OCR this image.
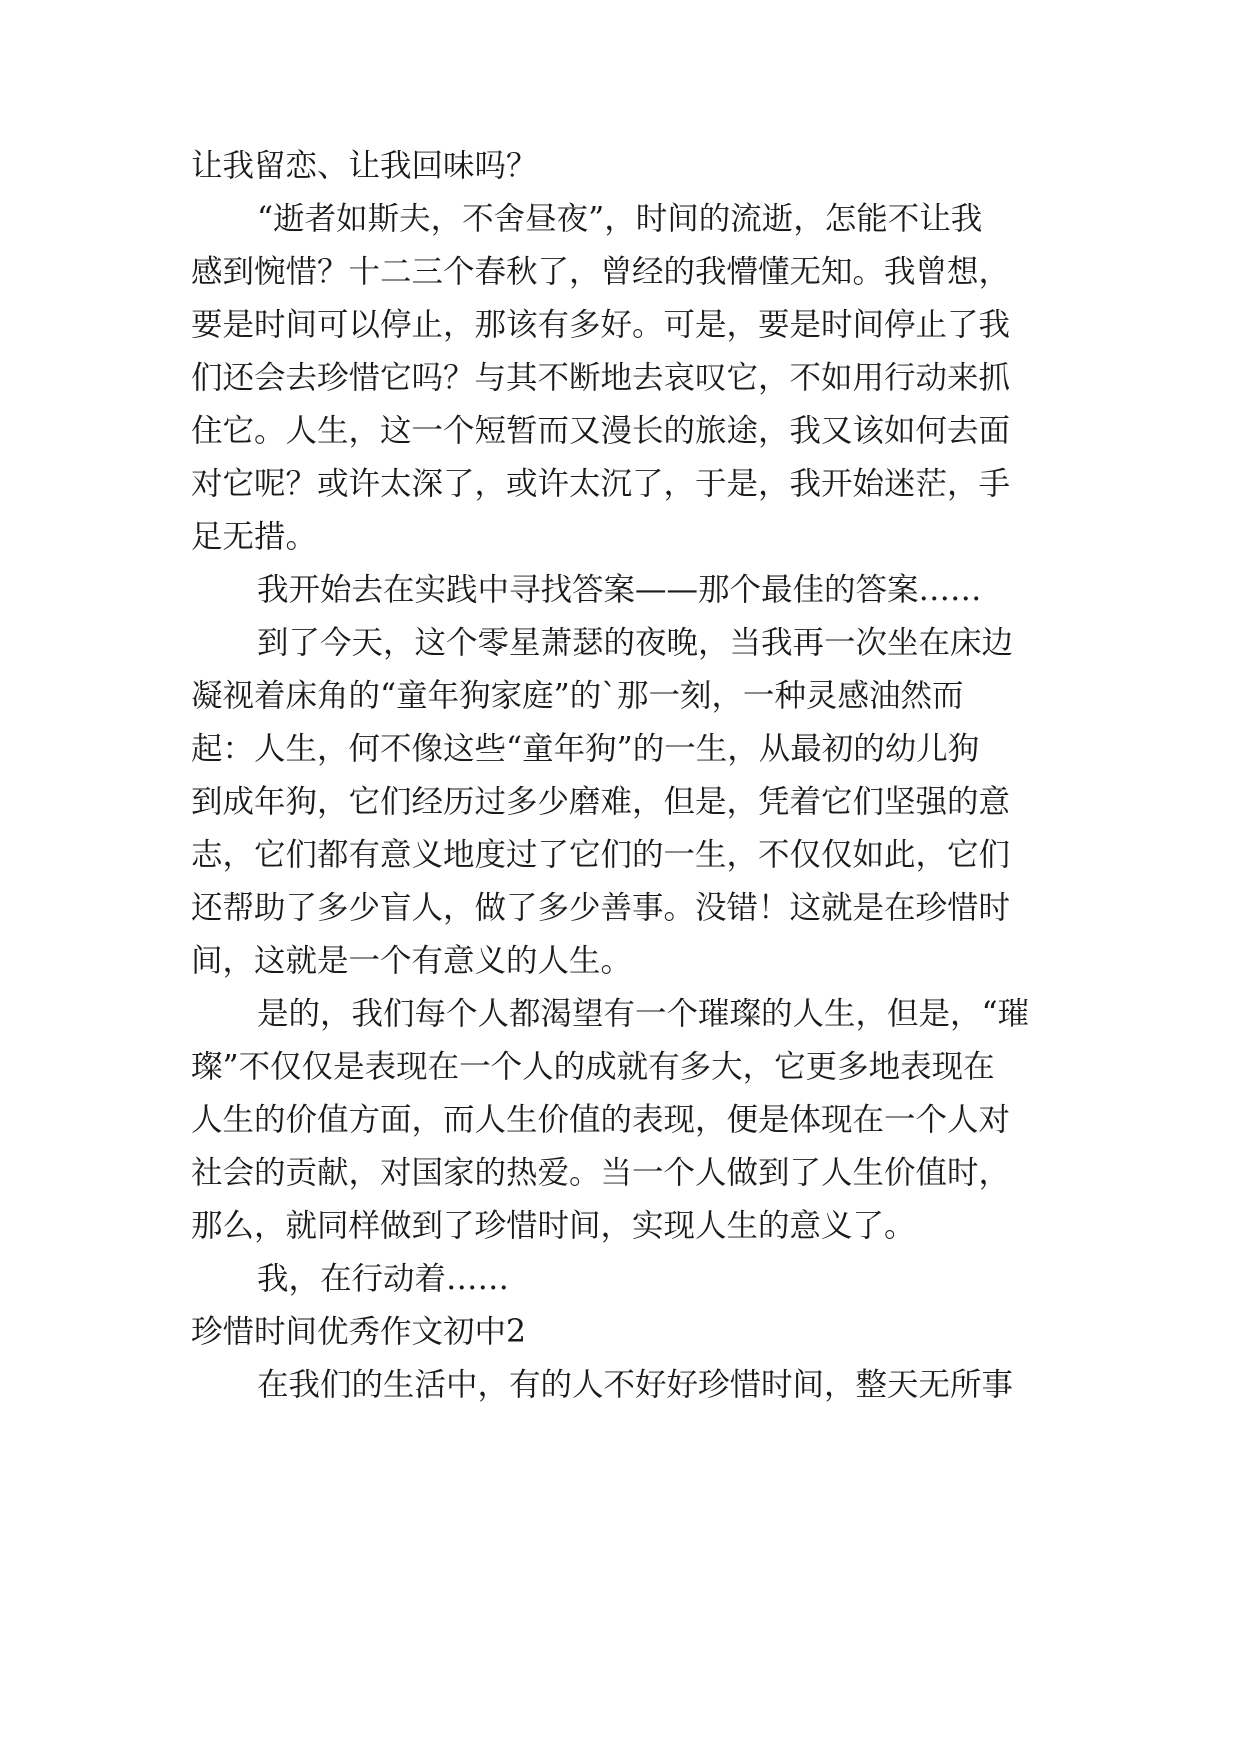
让我留恋、让我回味吗？
“逝者如斯夫，不舍昼夜”，时间的流逝，怎能不让我
感到惋惜？十二三个春秋了，曾经的我懵懂无知。我曾想，
要是时间可以停止，那该有多好。可是，要是时间停止了我
们还会去珍惜它吗？与其不断地去哀叹它，不如用行动来抓
住它。人生，这一个短暂而又漫长的旅途，我又该如何去面
对它呢？或许太深了，或许太沉了，于是，我开始迷茫，手
足无措。
我开始去在实践中寻找答案——那个最佳的答案……
到了今天，这个零星萧瑟的夜晚，当我再一次坐在床边
凝视着床角的“童年狗家庭”的`那一刻，一种灵感油然而
起：人生，何不像这些“童年狗”的一生，从最初的幼儿狗
到成年狗，它们经历过多少磨难，但是，凭着它们坚强的意
志，它们都有意义地度过了它们的一生，不仅仅如此，它们
还帮助了多少盲人，做了多少善事。没错！这就是在珍惜时
间，这就是一个有意义的人生。
是的，我们每个人都渴望有一个璀璨的人生，但是，“璀
璨”不仅仅是表现在一个人的成就有多大，它更多地表现在
人生的价值方面，而人生价值的表现，便是体现在一个人对
社会的贡献，对国家的热爱。当一个人做到了人生价值时，
那么，就同样做到了珍惜时间，实现人生的意义了。
我，在行动着……
珍惜时间优秀作文初中2
在我们的生活中，有的人不好好珍惜时间，整天无所事
